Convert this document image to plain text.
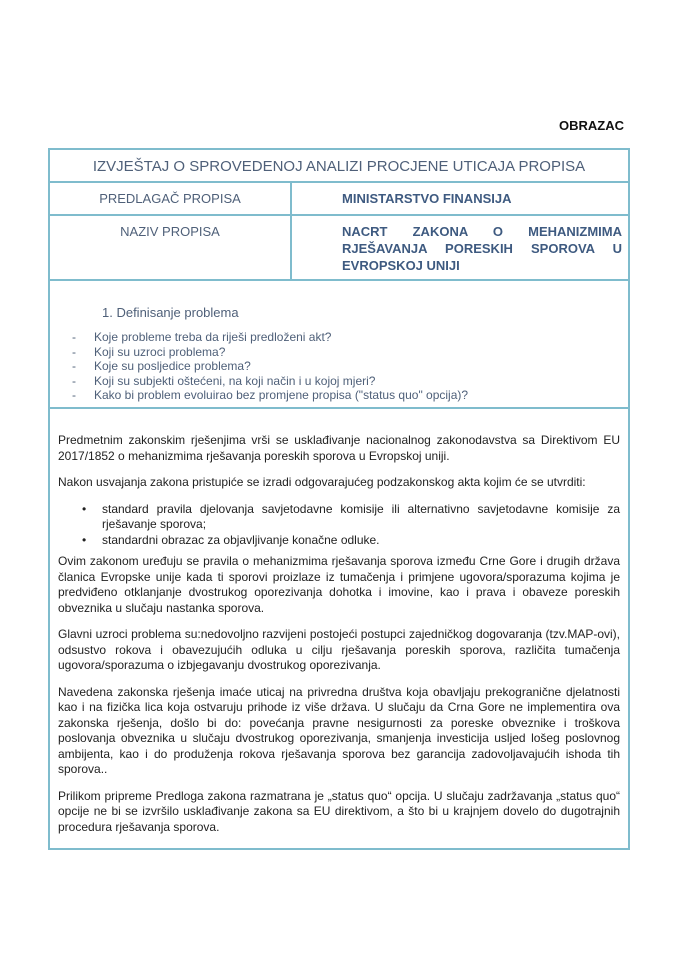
OBRAZAC
IZVJEŠTAJ O SPROVEDENOJ ANALIZI PROCJENE UTICAJA PROPISA
PREDLAGAČ PROPISA	MINISTARSTVO FINANSIJA
NAZIV PROPISA	NACRT ZAKONA O MEHANIZMIMA
RJEŠAVANJA PORESKIH SPOROVA U
EVROPSKOJ UNIJI
1. Definisanje problema
- Koje probleme treba da riješi predloženi akt?
- Koji su uzroci problema?
- Koje su posljedice problema?
- Koji su subjekti oštećeni, na koji način i u kojoj mjeri?
- Kako bi problem evoluirao bez promjene propisa ("status quo" opcija)?

Predmetnim zakonskim rješenjima vrši se usklađivanje nacionalnog zakonodavstva sa Direktivom EU 2017/1852 o mehanizmima rješavanja poreskih sporova u Evropskoj uniji.

Nakon usvajanja zakona pristupiće se izradi odgovarajućeg podzakonskog akta kojim će se utvrditi:

• standard pravila djelovanja savjetodavne komisije ili alternativno savjetodavne komisije za rješavanje sporova;
• standardni obrazac za objavljivanje konačne odluke.

Ovim zakonom uređuju se pravila o mehanizmima rješavanja sporova između Crne Gore i drugih država članica Evropske unije kada ti sporovi proizlaze iz tumačenja i primjene ugovora/sporazuma kojima je predviđeno otklanjanje dvostrukog oporezivanja dohotka i imovine, kao i prava i obaveze poreskih obveznika u slučaju nastanka sporova.

Glavni uzroci problema su:nedovoljno razvijeni postojeći postupci zajedničkog dogovaranja (tzv.MAP-ovi), odsustvo rokova i obavezujućih odluka u cilju rješavanja poreskih sporova, različita tumačenja ugovora/sporazuma o izbjegavanju dvostrukog oporezivanja.

Navedena zakonska rješenja imaće uticaj na privredna društva koja obavljaju prekogranične djelatnosti kao i na fizička lica koja ostvaruju prihode iz više država. U slučaju da Crna Gore ne implementira ova zakonska rješenja, došlo bi do: povećanja pravne nesigurnosti za poreske obveznike i troškova poslovanja obveznika u slučaju dvostrukog oporezivanja, smanjenja investicija usljed lošeg poslovnog ambijenta, kao i do produženja rokova rješavanja sporova bez garancija zadovoljavajućih ishoda tih sporova..

Prilikom pripreme Predloga zakona razmatrana je „status quo“ opcija. U slučaju zadržavanja „status quo“ opcije ne bi se izvršilo usklađivanje zakona sa EU direktivom, a što bi u krajnjem dovelo do dugotrajnih procedura rješavanja sporova.
